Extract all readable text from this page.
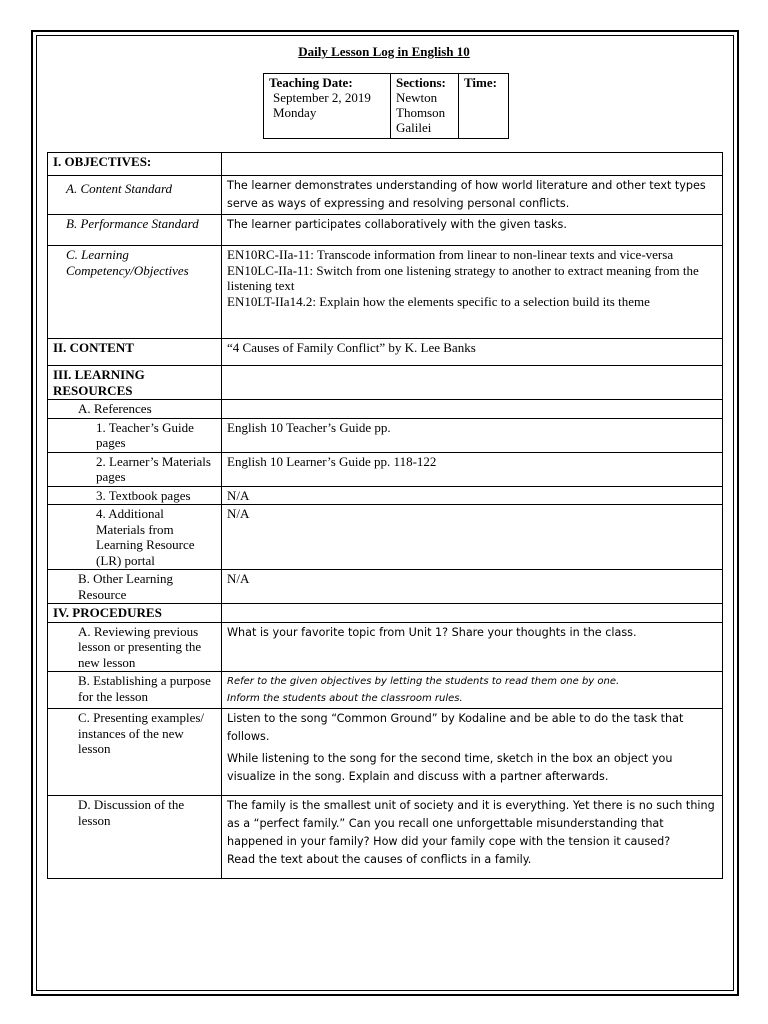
Daily Lesson Log in English 10
Teaching Date:
September 2, 2019
Monday

Sections:
Newton
Thomson
Galilei

Time:
I. OBJECTIVES:	
A. Content Standard	The learner demonstrates understanding of how world literature and other text types serve as ways of expressing and resolving personal conflicts.
B. Performance Standard	The learner participates collaboratively with the given tasks.
C. Learning Competency/Objectives	EN10RC-IIa-11: Transcode information from linear to non-linear texts and vice-versa
EN10LC-IIa-11: Switch from one listening strategy to another to extract meaning from the listening text
EN10LT-IIa14.2: Explain how the elements specific to a selection build its theme

II. CONTENT	“4 Causes of Family Conflict” by K. Lee Banks
III. LEARNING RESOURCES	
A. References	
1. Teacher’s Guide pages	English 10 Teacher’s Guide pp.
2. Learner’s Materials pages	English 10 Learner’s Guide pp. 118-122
3. Textbook pages	N/A
4. Additional Materials from Learning Resource (LR) portal	N/A
B. Other Learning Resource	N/A
IV. PROCEDURES	
A. Reviewing previous lesson or presenting the new lesson	What is your favorite topic from Unit 1? Share your thoughts in the class.
B. Establishing a purpose for the lesson	Refer to the given objectives by letting the students to read them one by one.
Inform the students about the classroom rules.

C. Presenting examples/ instances of the new lesson	Listen to the song “Common Ground” by Kodaline and be able to do the task that follows.
While listening to the song for the second time, sketch in the box an object you visualize in the song. Explain and discuss with a partner afterwards.

D. Discussion of the lesson	The family is the smallest unit of society and it is everything. Yet there is no such thing as a “perfect family.” Can you recall one unforgettable misunderstanding that happened in your family? How did your family cope with the tension it caused?
Read the text about the causes of conflicts in a family.
